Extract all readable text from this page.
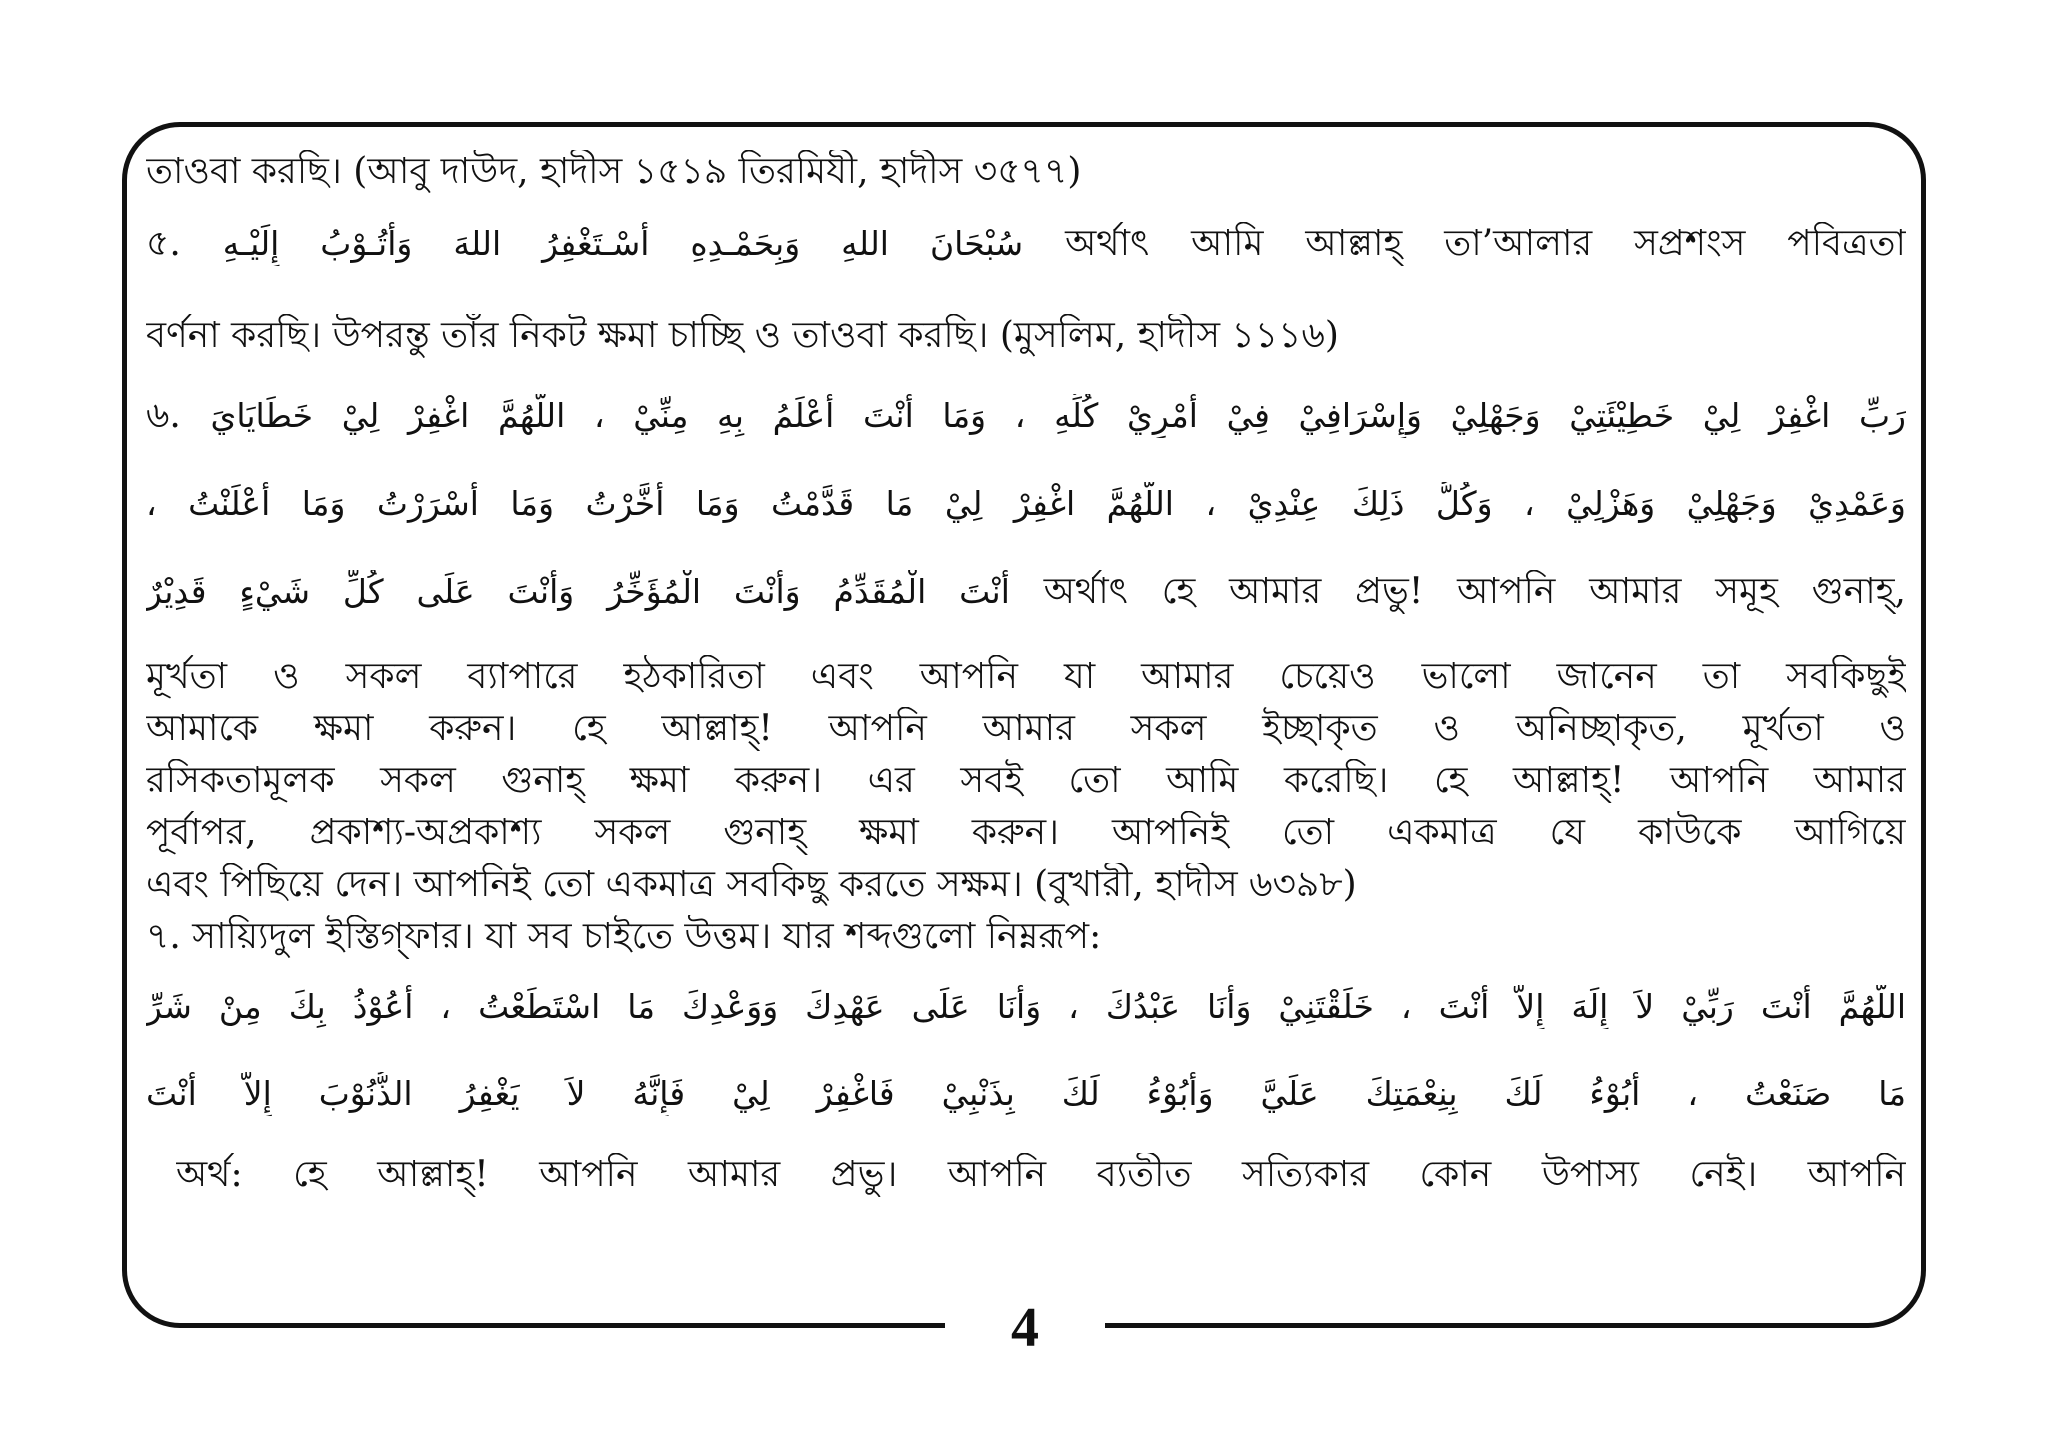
4
তাওবা করছি। (আবু দাউদ, হাদীস ১৫১৯ তিরমিযী, হাদীস ৩৫৭৭)
৫. سُبْحَانَ اللهِ وَبِحَمْـدِهِ أَسْـتَغْفِرُ اللهَ وَأَتُـوْبُ إِلَيْـهِ অর্থাৎ আমি আল্লাহ্ তা’আলার সপ্রশংস পবিত্রতা
বর্ণনা করছি। উপরন্তু তাঁর নিকট ক্ষমা চাচ্ছি ও তাওবা করছি। (মুসলিম, হাদীস ১১১৬)
৬. رَبِّ اغْفِرْ لِيْ خَطِيْئَتِيْ وَجَهْلِيْ وَإِسْرَافِيْ فِيْ أَمْرِيْ كُلِّهِ ، وَمَا أَنْتَ أَعْلَمُ بِهِ مِنِّيْ ، اللَّهُمَّ اغْفِرْ لِيْ خَطَايَايَ
وَعَمْدِيْ وَجَهْلِيْ وَهَزْلِيْ ، وَكُلُّ ذَلِكَ عِنْدِيْ ، اللَّهُمَّ اغْفِرْ لِيْ مَا قَدَّمْتُ وَمَا أَخَّرْتُ وَمَا أَسْرَرْتُ وَمَا أَعْلَنْتُ ،
أَنْتَ الْمُقَدِّمُ وَأَنْتَ الْمُؤَخِّرُ وَأَنْتَ عَلَى كُلِّ شَيْءٍ قَدِيْرٌ অর্থাৎ হে আমার প্রভু! আপনি আমার সমূহ গুনাহ্,
মূর্খতা ও সকল ব্যাপারে হঠকারিতা এবং আপনি যা আমার চেয়েও ভালো জানেন তা সবকিছুই
আমাকে ক্ষমা করুন। হে আল্লাহ্! আপনি আমার সকল ইচ্ছাকৃত ও অনিচ্ছাকৃত, মূর্খতা ও
রসিকতামূলক সকল গুনাহ্ ক্ষমা করুন। এর সবই তো আমি করেছি। হে আল্লাহ্! আপনি আমার
পূর্বাপর, প্রকাশ্য-অপ্রকাশ্য সকল গুনাহ্ ক্ষমা করুন। আপনিই তো একমাত্র যে কাউকে আগিয়ে
এবং পিছিয়ে দেন। আপনিই তো একমাত্র সবকিছু করতে সক্ষম। (বুখারী, হাদীস ৬৩৯৮)
৭. সায়্যিদুল ইস্তিগ্ফার। যা সব চাইতে উত্তম। যার শব্দগুলো নিম্নরূপ:
اللَّهُمَّ أَنْتَ رَبِّيْ لاَ إِلَهَ إِلاَّ أَنْتَ ، خَلَقْتَنِيْ وَأَنَا عَبْدُكَ ، وَأَنَا عَلَى عَهْدِكَ وَوَعْدِكَ مَا اسْتَطَعْتُ ، أَعُوْذُ بِكَ مِنْ شَرِّ
مَا صَنَعْتُ ، أَبُوْءُ لَكَ بِنِعْمَتِكَ عَلَيَّ وَأَبُوْءُ لَكَ بِذَنْبِيْ فَاغْفِرْ لِيْ فَإِنَّهُ لاَ يَغْفِرُ الذُّنُوْبَ إِلاَّ أَنْتَ
অর্থ: হে আল্লাহ্! আপনি আমার প্রভু। আপনি ব্যতীত সত্যিকার কোন উপাস্য নেই। আপনি
